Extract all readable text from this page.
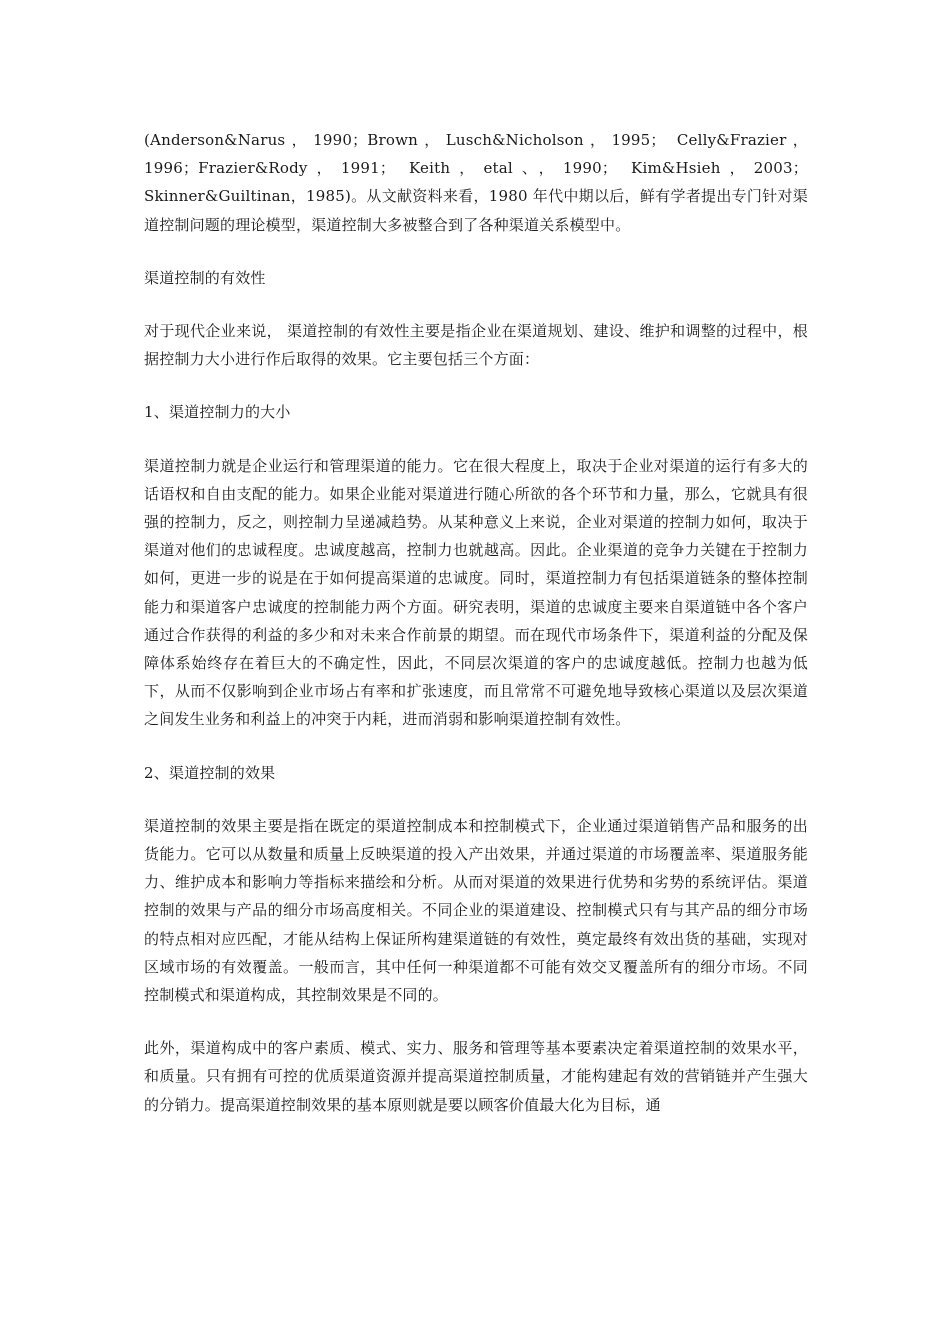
(Anderson&Narus，1990；Brown，Lusch&Nicholson，1995； Celly&Frazier，1996；Frazier&Rody，1991； Keith，etal、，1990； Kim&Hsieh，2003；Skinner&Guiltinan，1985)。从文献资料来看，1980 年代中期以后，鲜有学者提出专门针对渠道控制问题的理论模型，渠道控制大多被整合到了各种渠道关系模型中。

渠道控制的有效性

对于现代企业来说， 渠道控制的有效性主要是指企业在渠道规划、建设、维护和调整的过程中，根据控制力大小进行作后取得的效果。它主要包括三个方面：

1、渠道控制力的大小

渠道控制力就是企业运行和管理渠道的能力。它在很大程度上，取决于企业对渠道的运行有多大的话语权和自由支配的能力。如果企业能对渠道进行随心所欲的各个环节和力量，那么，它就具有很强的控制力，反之，则控制力呈递减趋势。从某种意义上来说，企业对渠道的控制力如何，取决于渠道对他们的忠诚程度。忠诚度越高，控制力也就越高。因此。企业渠道的竞争力关键在于控制力如何，更进一步的说是在于如何提高渠道的忠诚度。同时，渠道控制力有包括渠道链条的整体控制能力和渠道客户忠诚度的控制能力两个方面。研究表明，渠道的忠诚度主要来自渠道链中各个客户通过合作获得的利益的多少和对未来合作前景的期望。而在现代市场条件下，渠道利益的分配及保障体系始终存在着巨大的不确定性，因此，不同层次渠道的客户的忠诚度越低。控制力也越为低下，从而不仅影响到企业市场占有率和扩张速度，而且常常不可避免地导致核心渠道以及层次渠道之间发生业务和利益上的冲突于内耗，进而消弱和影响渠道控制有效性。

2、渠道控制的效果

渠道控制的效果主要是指在既定的渠道控制成本和控制模式下，企业通过渠道销售产品和服务的出货能力。它可以从数量和质量上反映渠道的投入产出效果，并通过渠道的市场覆盖率、渠道服务能力、维护成本和影响力等指标来描绘和分析。从而对渠道的效果进行优势和劣势的系统评估。渠道控制的效果与产品的细分市场高度相关。不同企业的渠道建设、控制模式只有与其产品的细分市场的特点相对应匹配，才能从结构上保证所构建渠道链的有效性，奠定最终有效出货的基础，实现对区域市场的有效覆盖。一般而言，其中任何一种渠道都不可能有效交叉覆盖所有的细分市场。不同控制模式和渠道构成，其控制效果是不同的。

此外，渠道构成中的客户素质、模式、实力、服务和管理等基本要素决定着渠道控制的效果水平，和质量。只有拥有可控的优质渠道资源并提高渠道控制质量，才能构建起有效的营销链并产生强大的分销力。提高渠道控制效果的基本原则就是要以顾客价值最大化为目标，通
